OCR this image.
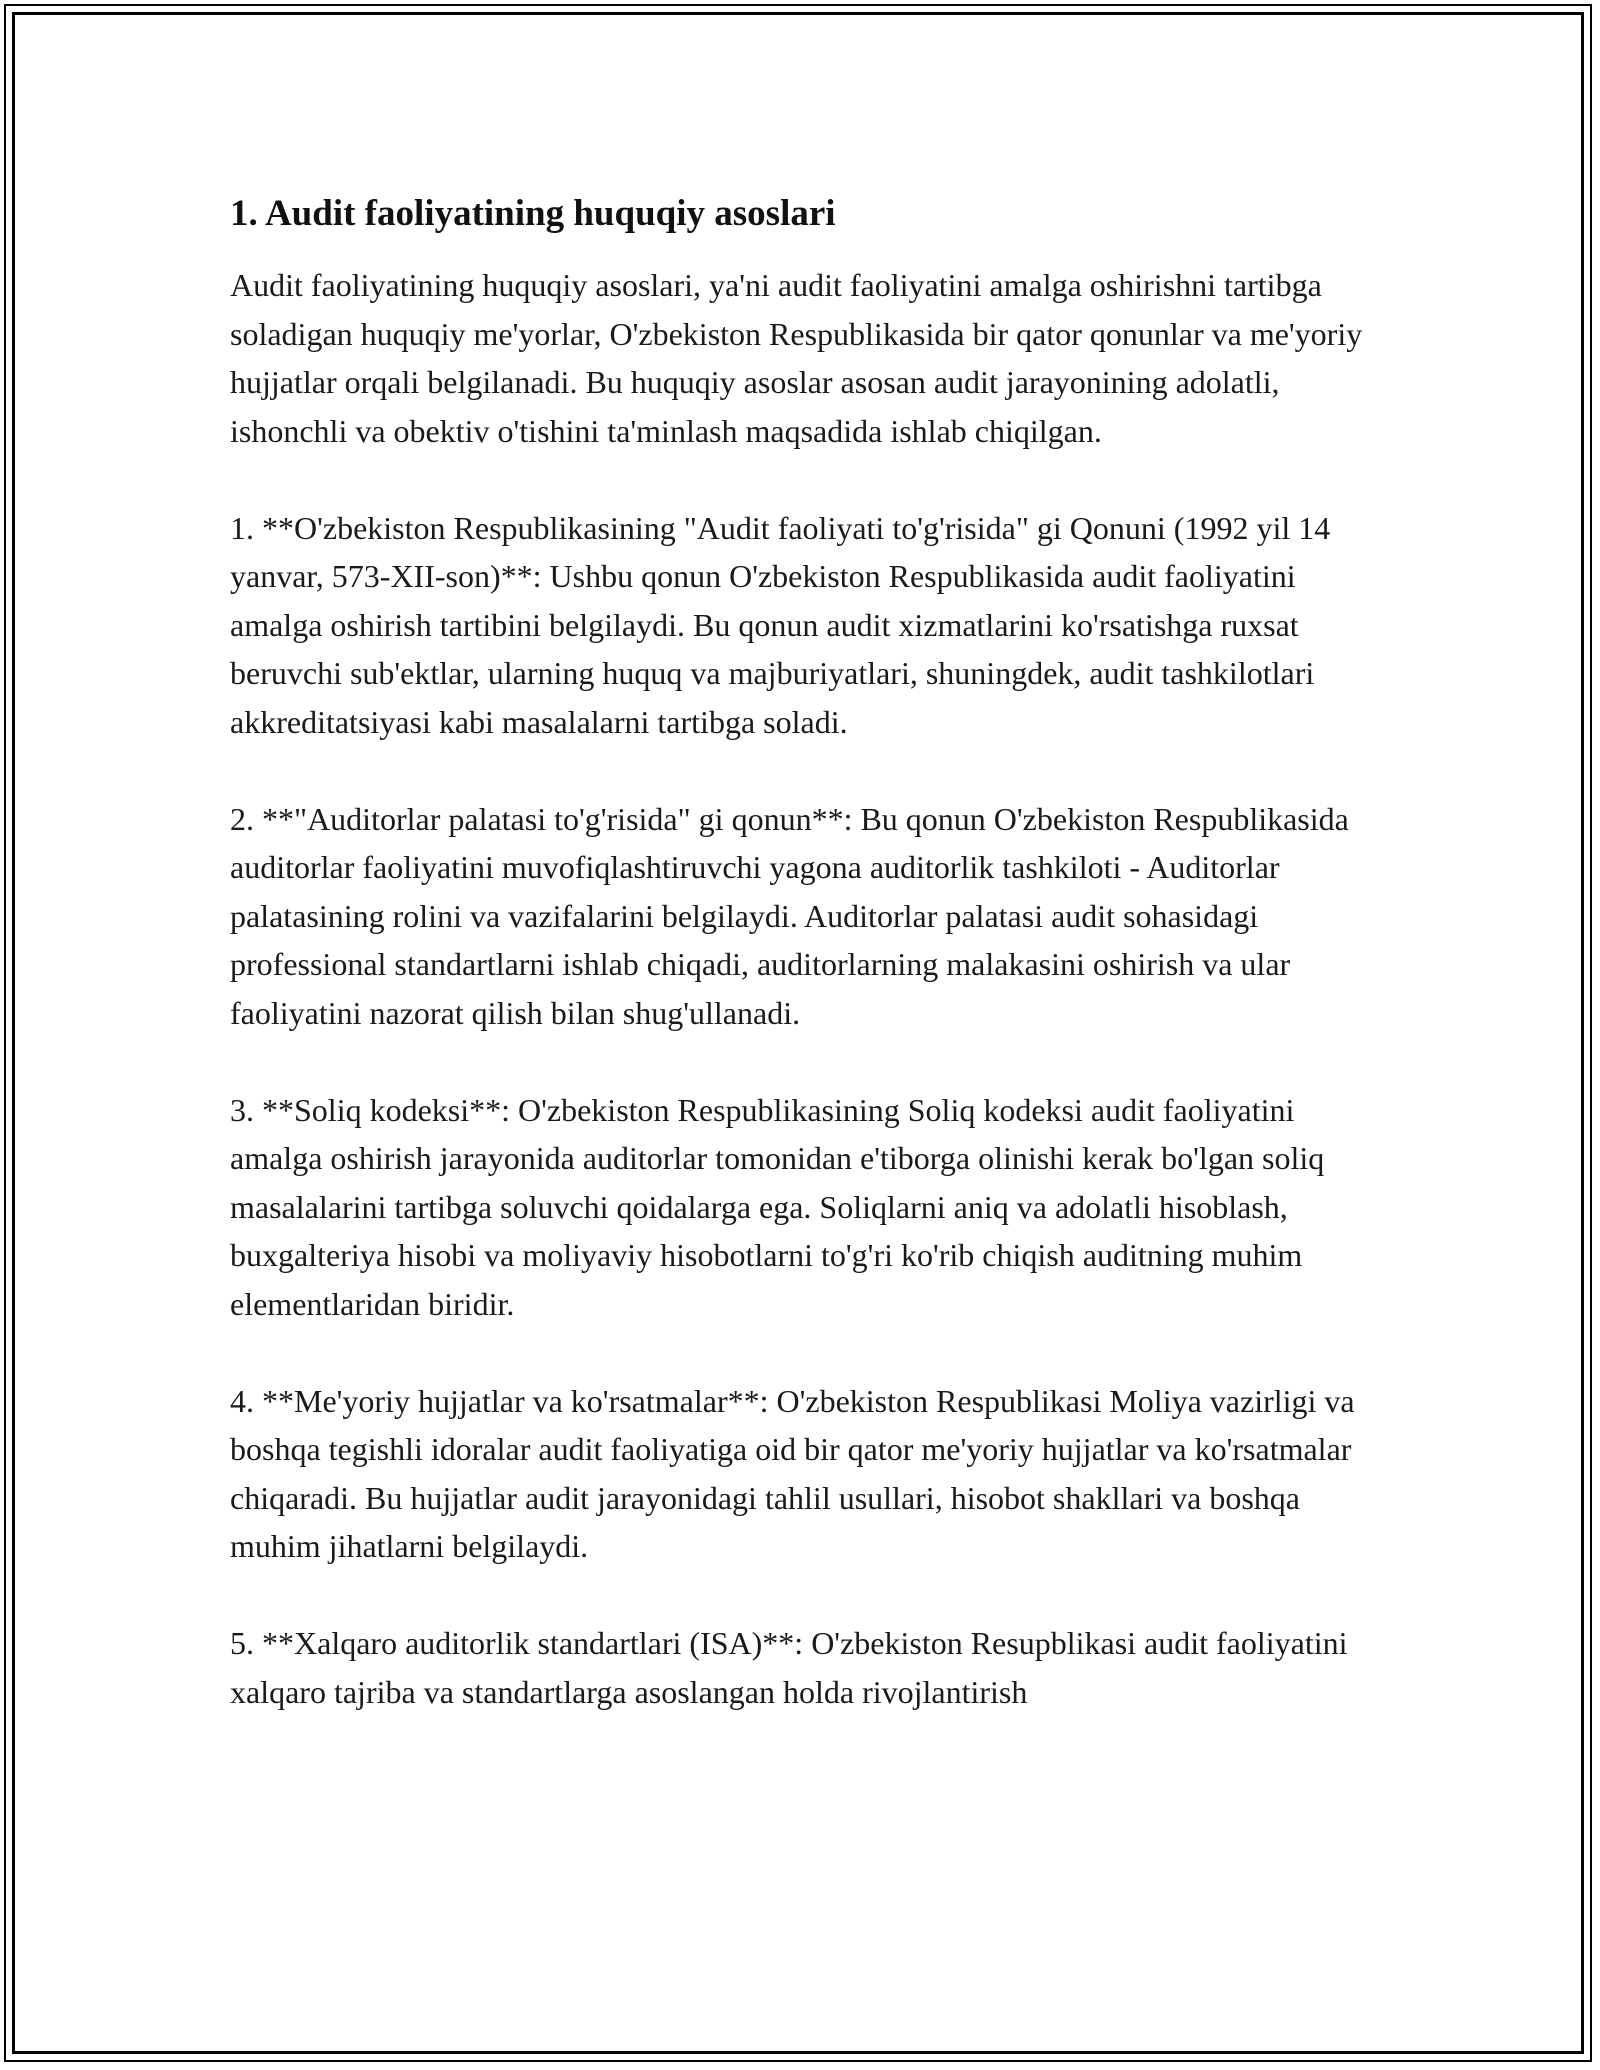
1. Audit faoliyatining huquqiy asoslari

Audit faoliyatining huquqiy asoslari, ya'ni audit faoliyatini amalga oshirishni tartibga soladigan huquqiy me'yorlar, O'zbekiston Respublikasida bir qator qonunlar va me'yoriy hujjatlar orqali belgilanadi. Bu huquqiy asoslar asosan audit jarayonining adolatli, ishonchli va obektiv o'tishini ta'minlash maqsadida ishlab chiqilgan.

1. **O'zbekiston Respublikasining "Audit faoliyati to'g'risida" gi Qonuni (1992 yil 14 yanvar, 573-XII-son)**: Ushbu qonun O'zbekiston Respublikasida audit faoliyatini amalga oshirish tartibini belgilaydi. Bu qonun audit xizmatlarini ko'rsatishga ruxsat beruvchi sub'ektlar, ularning huquq va majburiyatlari, shuningdek, audit tashkilotlari akkreditatsiyasi kabi masalalarni tartibga soladi.

2. **"Auditorlar palatasi to'g'risida" gi qonun**: Bu qonun O'zbekiston Respublikasida auditorlar faoliyatini muvofiqlashtiruvchi yagona auditorlik tashkiloti - Auditorlar palatasining rolini va vazifalarini belgilaydi. Auditorlar palatasi audit sohasidagi professional standartlarni ishlab chiqadi, auditorlarning malakasini oshirish va ular faoliyatini nazorat qilish bilan shug'ullanadi.

3. **Soliq kodeksi**: O'zbekiston Respublikasining Soliq kodeksi audit faoliyatini amalga oshirish jarayonida auditorlar tomonidan e'tiborga olinishi kerak bo'lgan soliq masalalarini tartibga soluvchi qoidalarga ega. Soliqlarni aniq va adolatli hisoblash, buxgalteriya hisobi va moliyaviy hisobotlarni to'g'ri ko'rib chiqish auditning muhim elementlaridan biridir.

4. **Me'yoriy hujjatlar va ko'rsatmalar**: O'zbekiston Respublikasi Moliya vazirligi va boshqa tegishli idoralar audit faoliyatiga oid bir qator me'yoriy hujjatlar va ko'rsatmalar chiqaradi. Bu hujjatlar audit jarayonidagi tahlil usullari, hisobot shakllari va boshqa muhim jihatlarni belgilaydi.

5. **Xalqaro auditorlik standartlari (ISA)**: O'zbekiston Resupblikasi audit faoliyatini xalqaro tajriba va standartlarga asoslangan holda rivojlantirish
